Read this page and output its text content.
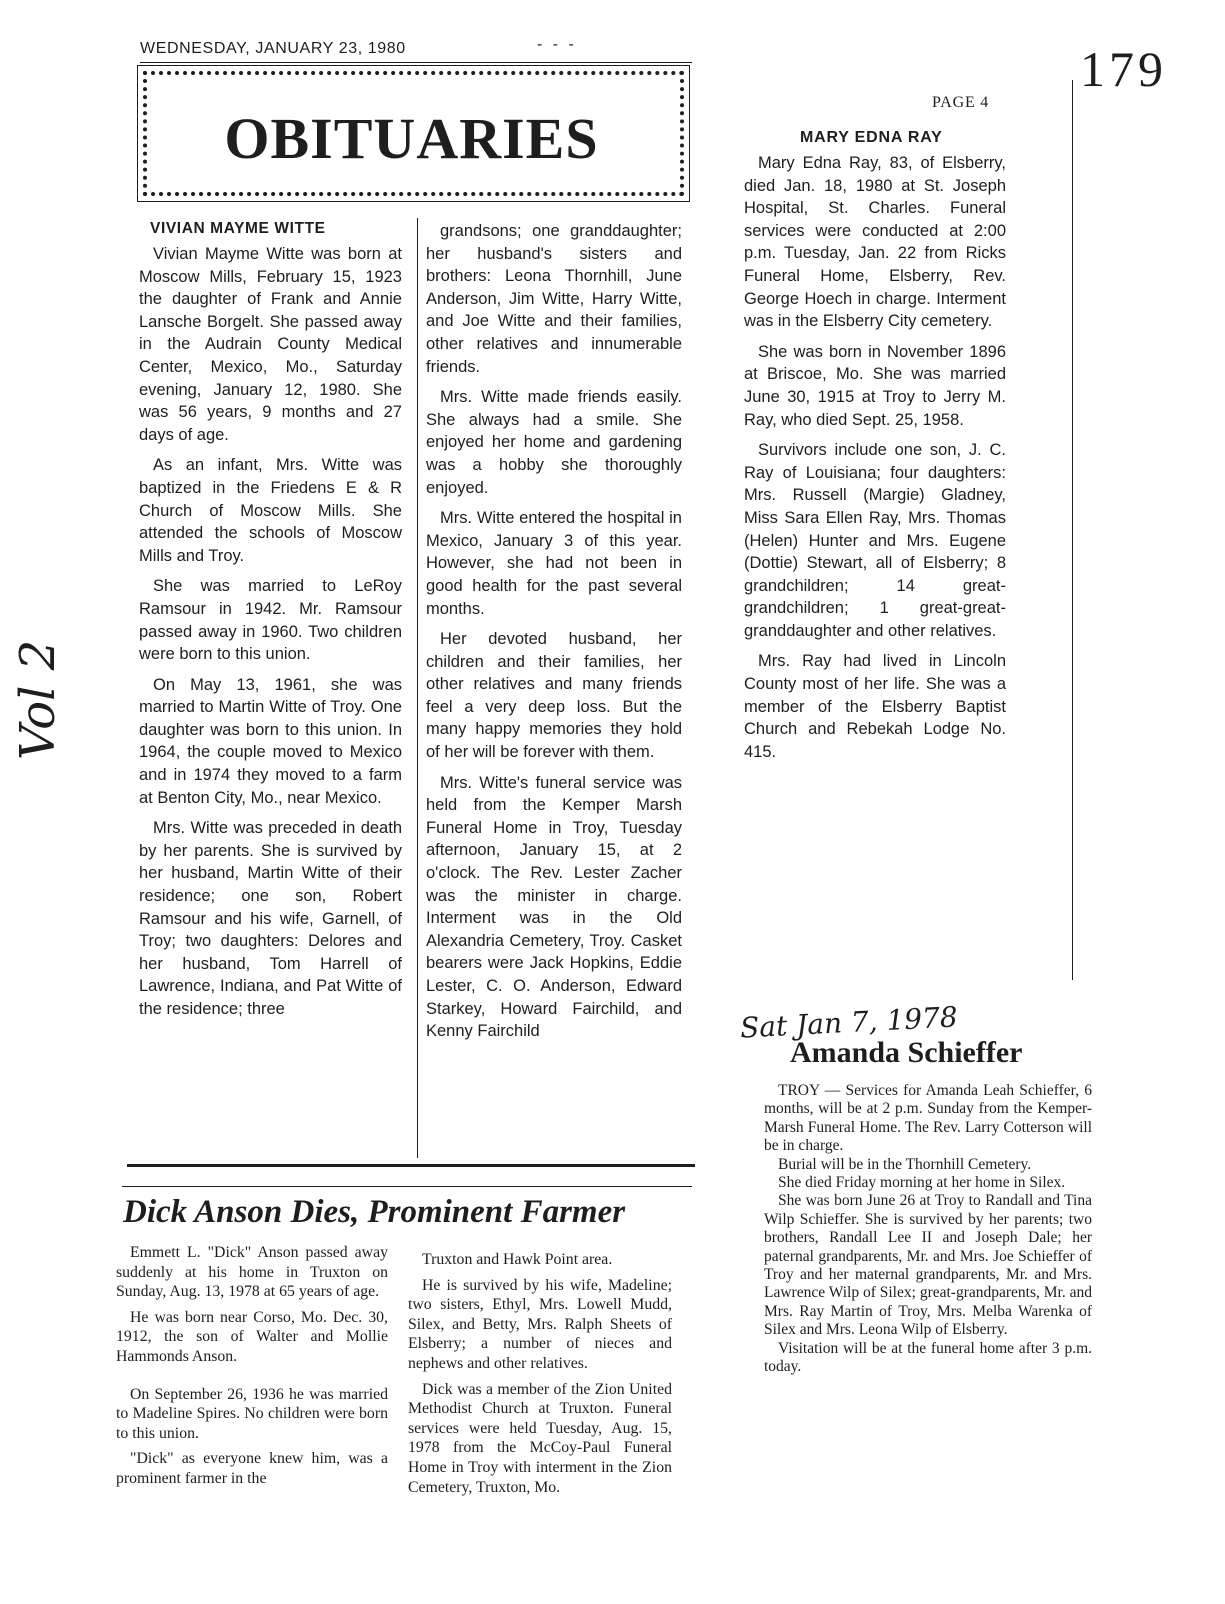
WEDNESDAY, JANUARY 23, 1980	- - -	179
OBITUARIES
PAGE 4
Vol 2
VIVIAN MAYME WITTE

Vivian Mayme Witte was born at Moscow Mills, February 15, 1923 the daughter of Frank and Annie Lansche Borgelt. She passed away in the Audrain County Medical Center, Mexico, Mo., Saturday evening, January 12, 1980. She was 56 years, 9 months and 27 days of age.

As an infant, Mrs. Witte was baptized in the Friedens E & R Church of Moscow Mills. She attended the schools of Moscow Mills and Troy.

She was married to LeRoy Ramsour in 1942. Mr. Ramsour passed away in 1960. Two children were born to this union.

On May 13, 1961, she was married to Martin Witte of Troy. One daughter was born to this union. In 1964, the couple moved to Mexico and in 1974 they moved to a farm at Benton City, Mo., near Mexico.

Mrs. Witte was preceded in death by her parents. She is survived by her husband, Martin Witte of their residence; one son, Robert Ramsour and his wife, Garnell, of Troy; two daughters: Delores and her husband, Tom Harrell of Lawrence, Indiana, and Pat Witte of the residence; three

grandsons; one granddaughter; her husband's sisters and brothers: Leona Thornhill, June Anderson, Jim Witte, Harry Witte, and Joe Witte and their families, other relatives and innumerable friends.

Mrs. Witte made friends easily. She always had a smile. She enjoyed her home and gardening was a hobby she thoroughly enjoyed.

Mrs. Witte entered the hospital in Mexico, January 3 of this year. However, she had not been in good health for the past several months.

Her devoted husband, her children and their families, her other relatives and many friends feel a very deep loss. But the many happy memories they hold of her will be forever with them.

Mrs. Witte's funeral service was held from the Kemper Marsh Funeral Home in Troy, Tuesday afternoon, January 15, at 2 o'clock. The Rev. Lester Zacher was the minister in charge. Interment was in the Old Alexandria Cemetery, Troy. Casket bearers were Jack Hopkins, Eddie Lester, C. O. Anderson, Edward Starkey, Howard Fairchild, and Kenny Fairchild

MARY EDNA RAY

Mary Edna Ray, 83, of Elsberry, died Jan. 18, 1980 at St. Joseph Hospital, St. Charles. Funeral services were conducted at 2:00 p.m. Tuesday, Jan. 22 from Ricks Funeral Home, Elsberry, Rev. George Hoech in charge. Interment was in the Elsberry City cemetery.

She was born in November 1896 at Briscoe, Mo. She was married June 30, 1915 at Troy to Jerry M. Ray, who died Sept. 25, 1958.

Survivors include one son, J. C. Ray of Louisiana; four daughters: Mrs. Russell (Margie) Gladney, Miss Sara Ellen Ray, Mrs. Thomas (Helen) Hunter and Mrs. Eugene (Dottie) Stewart, all of Elsberry; 8 grandchildren; 14 great-grandchildren; 1 great-great-granddaughter and other relatives.

Mrs. Ray had lived in Lincoln County most of her life. She was a member of the Elsberry Baptist Church and Rebekah Lodge No. 415.

Dick Anson Dies, Prominent Farmer

Emmett L. "Dick" Anson passed away suddenly at his home in Truxton on Sunday, Aug. 13, 1978 at 65 years of age.

He was born near Corso, Mo. Dec. 30, 1912, the son of Walter and Mollie Hammonds Anson.

On September 26, 1936 he was married to Madeline Spires. No children were born to this union.

"Dick" as everyone knew him, was a prominent farmer in the

Truxton and Hawk Point area.

He is survived by his wife, Madeline; two sisters, Ethyl, Mrs. Lowell Mudd, Silex, and Betty, Mrs. Ralph Sheets of Elsberry; a number of nieces and nephews and other relatives.

Dick was a member of the Zion United Methodist Church at Truxton. Funeral services were held Tuesday, Aug. 15, 1978 from the McCoy-Paul Funeral Home in Troy with interment in the Zion Cemetery, Truxton, Mo.

Sat Jan 7, 1978
Amanda Schieffer

TROY — Services for Amanda Leah Schieffer, 6 months, will be at 2 p.m. Sunday from the Kemper-Marsh Funeral Home. The Rev. Larry Cotterson will be in charge.

Burial will be in the Thornhill Cemetery.

She died Friday morning at her home in Silex.

She was born June 26 at Troy to Randall and Tina Wilp Schieffer. She is survived by her parents; two brothers, Randall Lee II and Joseph Dale; her paternal grandparents, Mr. and Mrs. Joe Schieffer of Troy and her maternal grandparents, Mr. and Mrs. Lawrence Wilp of Silex; great-grandparents, Mr. and Mrs. Ray Martin of Troy, Mrs. Melba Warenka of Silex and Mrs. Leona Wilp of Elsberry.

Visitation will be at the funeral home after 3 p.m. today.
